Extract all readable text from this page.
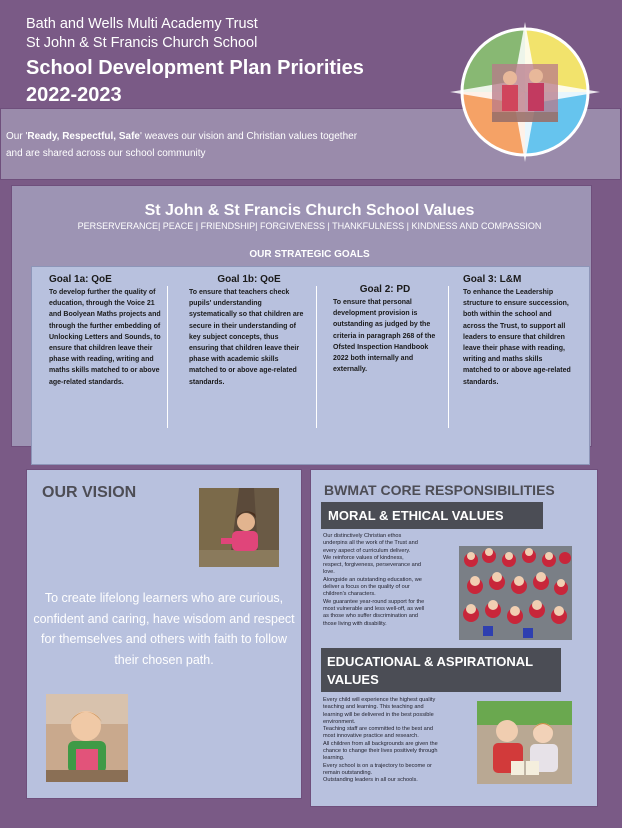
Bath and Wells Multi Academy Trust
St John & St Francis Church School
School Development Plan Priorities
2022-2023
Our 'Ready, Respectful, Safe' weaves our vision and Christian values together
and are shared across our school community
St John & St Francis Church School Values
PERSERVERANCE| PEACE | FRIENDSHIP| FORGIVENESS | THANKFULNESS | KINDNESS AND COMPASSION
OUR STRATEGIC GOALS
Goal 1a: QoE
To develop further the quality of education, through the Voice 21 and Boolyean Maths projects and through the further embedding of Unlocking Letters and Sounds, to ensure that children leave their phase with reading, writing and maths skills matched to or above age-related standards.
Goal 1b: QoE
To ensure that teachers check pupils' understanding systematically so that children are secure in their understanding of key subject concepts, thus ensuring that children leave their phase with academic skills matched to or above age-related standards.
Goal 2: PD
To ensure that personal development provision is outstanding as judged by the criteria in paragraph 268 of the Ofsted Inspection Handbook 2022 both internally and externally.
Goal 3: L&M
To enhance the Leadership structure to ensure succession, both within the school and across the Trust, to support all leaders to ensure that children leave their phase with reading, writing and maths skills matched to or above age-related standards.
OUR VISION
To create lifelong learners who are curious, confident and caring, have wisdom and respect for themselves and others with faith to follow their chosen path.
BWMAT CORE RESPONSIBILITIES
MORAL & ETHICAL VALUES
Our distinctively Christian ethos
underpins all the work of the Trust and
every aspect of curriculum delivery.
We reinforce values of kindness,
respect, forgiveness, perseverance and
love.
Alongside an outstanding education, we
deliver a focus on the quality of our
children's characters.
We guarantee year-round support for the
most vulnerable and less well-off, as well
as those who suffer discrimination and
those living with disability.
EDUCATIONAL & ASPIRATIONAL
VALUES
Every child will experience the highest quality
teaching and learning. This teaching and
learning will be delivered in the best possible
environment.
Teaching staff are committed to the best and
most innovative practice and research.
All children from all backgrounds are given the
chance to change their lives positively through
learning.
Every school is on a trajectory to become or
remain outstanding.
Outstanding leaders in all our schools.
